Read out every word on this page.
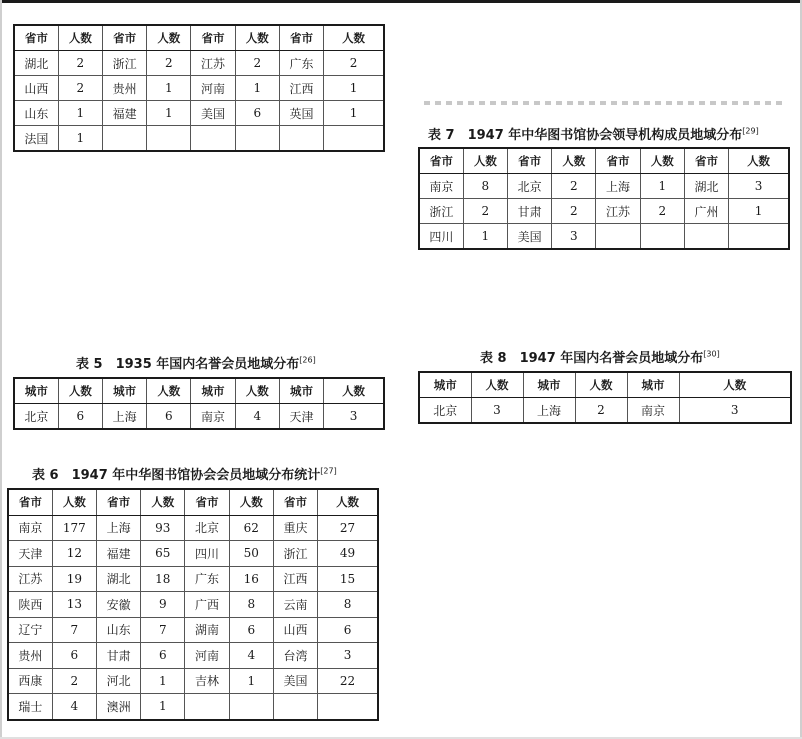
省市	人数	省市	人数	省市	人数	省市	人数
湖北	2	浙江	2	江苏	2	广东	2
山西	2	贵州	1	河南	1	江西	1
山东	1	福建	1	美国	6	英国	1
法国	1							表 7　1947 年中华图书馆协会领导机构成员地域分布[29]
省市	人数	省市	人数	省市	人数	省市	人数
南京	8	北京	2	上海	1	湖北	3
浙江	2	甘肃	2	江苏	2	广州	1
四川	1	美国	3				
表 5　1935 年国内名誉会员地域分布[26]
城市	人数	城市	人数	城市	人数	城市	人数
北京	6	上海	6	南京	4	天津	3
表 8　1947 年国内名誉会员地域分布[30]
城市	人数	城市	人数	城市	人数
北京	3	上海	2	南京	3
表 6　1947 年中华图书馆协会会员地域分布统计[27]
省市	人数	省市	人数	省市	人数	省市	人数
南京	177	上海	93	北京	62	重庆	27
天津	12	福建	65	四川	50	浙江	49
江苏	19	湖北	18	广东	16	江西	15
陕西	13	安徽	9	广西	8	云南	8
辽宁	7	山东	7	湖南	6	山西	6
贵州	6	甘肃	6	河南	4	台湾	3
西康	2	河北	1	吉林	1	美国	22
瑞士	4	澳洲	1				
